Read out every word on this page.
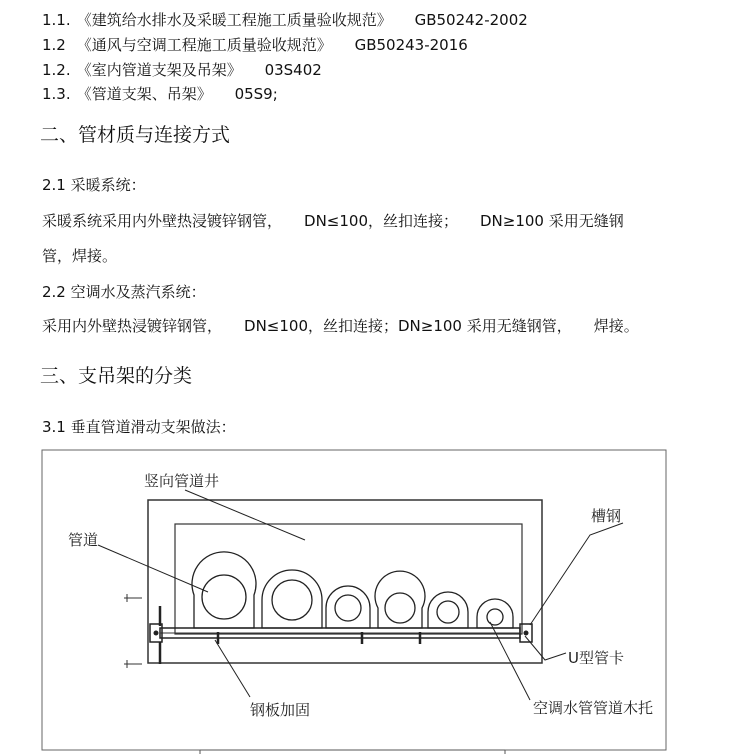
1.1. 《建筑给水排水及采暖工程施工质量验收规范》 GB50242-2002
1.2 《通风与空调工程施工质量验收规范》 GB50243-2016
1.2. 《室内管道支架及吊架》 03S402
1.3. 《管道支架、吊架》 05S9;
二、管材质与连接方式
2.1 采暖系统：
采暖系统采用内外壁热浸镀锌钢管， DN≤100，丝扣连接； DN≥100 采用无缝钢
管，焊接。
2.2 空调水及蒸汽系统：
采用内外壁热浸镀锌钢管， DN≤100，丝扣连接；DN≥100 采用无缝钢管， 焊接。
三、支吊架的分类
3.1 垂直管道滑动支架做法：
竖向管道井
管道
槽钢
U型管卡
钢板加固	空调水管管道木托
